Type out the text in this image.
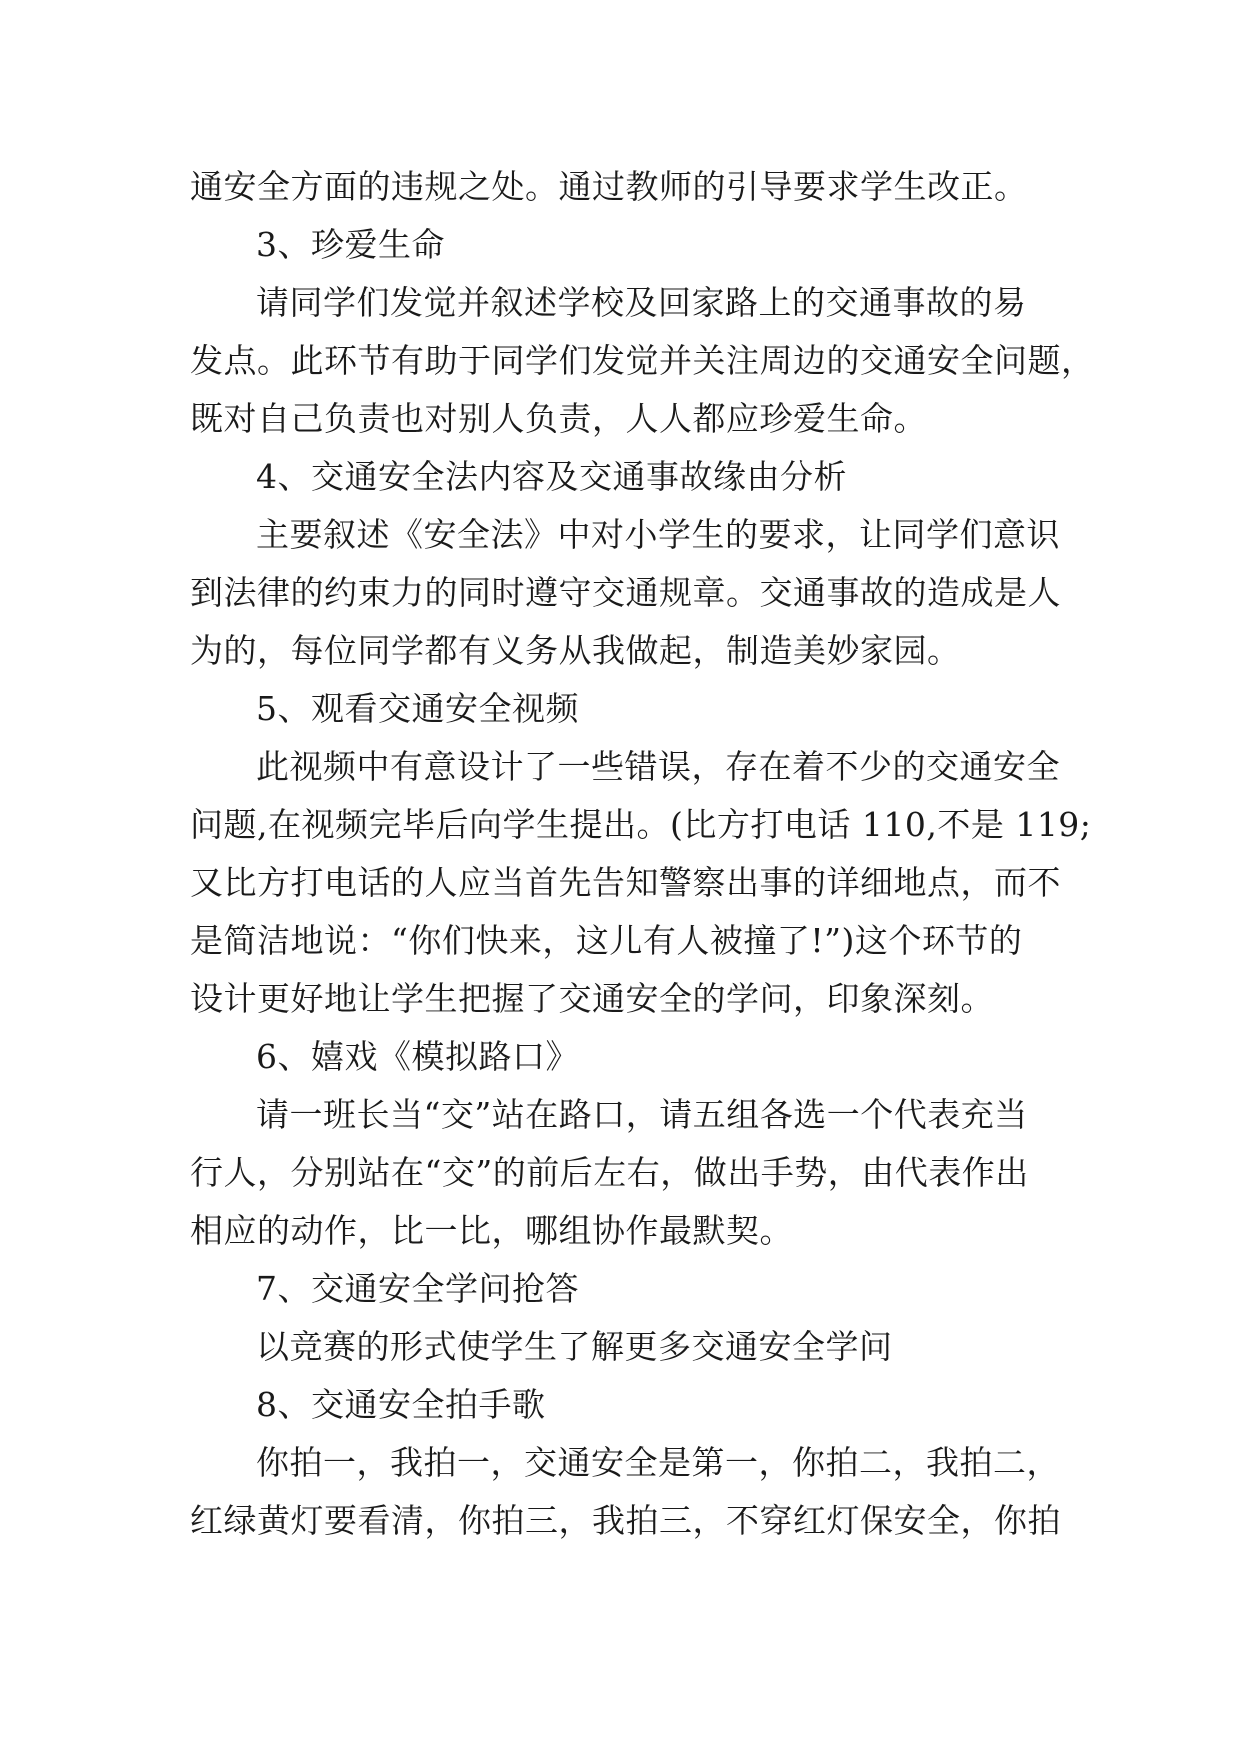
通安全方面的违规之处。通过教师的引导要求学生改正。
3、珍爱生命
请同学们发觉并叙述学校及回家路上的交通事故的易
发点。此环节有助于同学们发觉并关注周边的交通安全问题，
既对自己负责也对别人负责，人人都应珍爱生命。
4、交通安全法内容及交通事故缘由分析
主要叙述《安全法》中对小学生的要求，让同学们意识
到法律的约束力的同时遵守交通规章。交通事故的造成是人
为的，每位同学都有义务从我做起，制造美妙家园。
5、观看交通安全视频
此视频中有意设计了一些错误，存在着不少的交通安全
问题,在视频完毕后向学生提出。(比方打电话 110,不是 119;
又比方打电话的人应当首先告知警察出事的详细地点，而不
是简洁地说：“你们快来，这儿有人被撞了!”)这个环节的
设计更好地让学生把握了交通安全的学问，印象深刻。
6、嬉戏《模拟路口》
请一班长当“交”站在路口，请五组各选一个代表充当
行人，分别站在“交”的前后左右，做出手势，由代表作出
相应的动作，比一比，哪组协作最默契。
7、交通安全学问抢答
以竞赛的形式使学生了解更多交通安全学问
8、交通安全拍手歌
你拍一，我拍一，交通安全是第一，你拍二，我拍二，
红绿黄灯要看清，你拍三，我拍三，不穿红灯保安全，你拍
